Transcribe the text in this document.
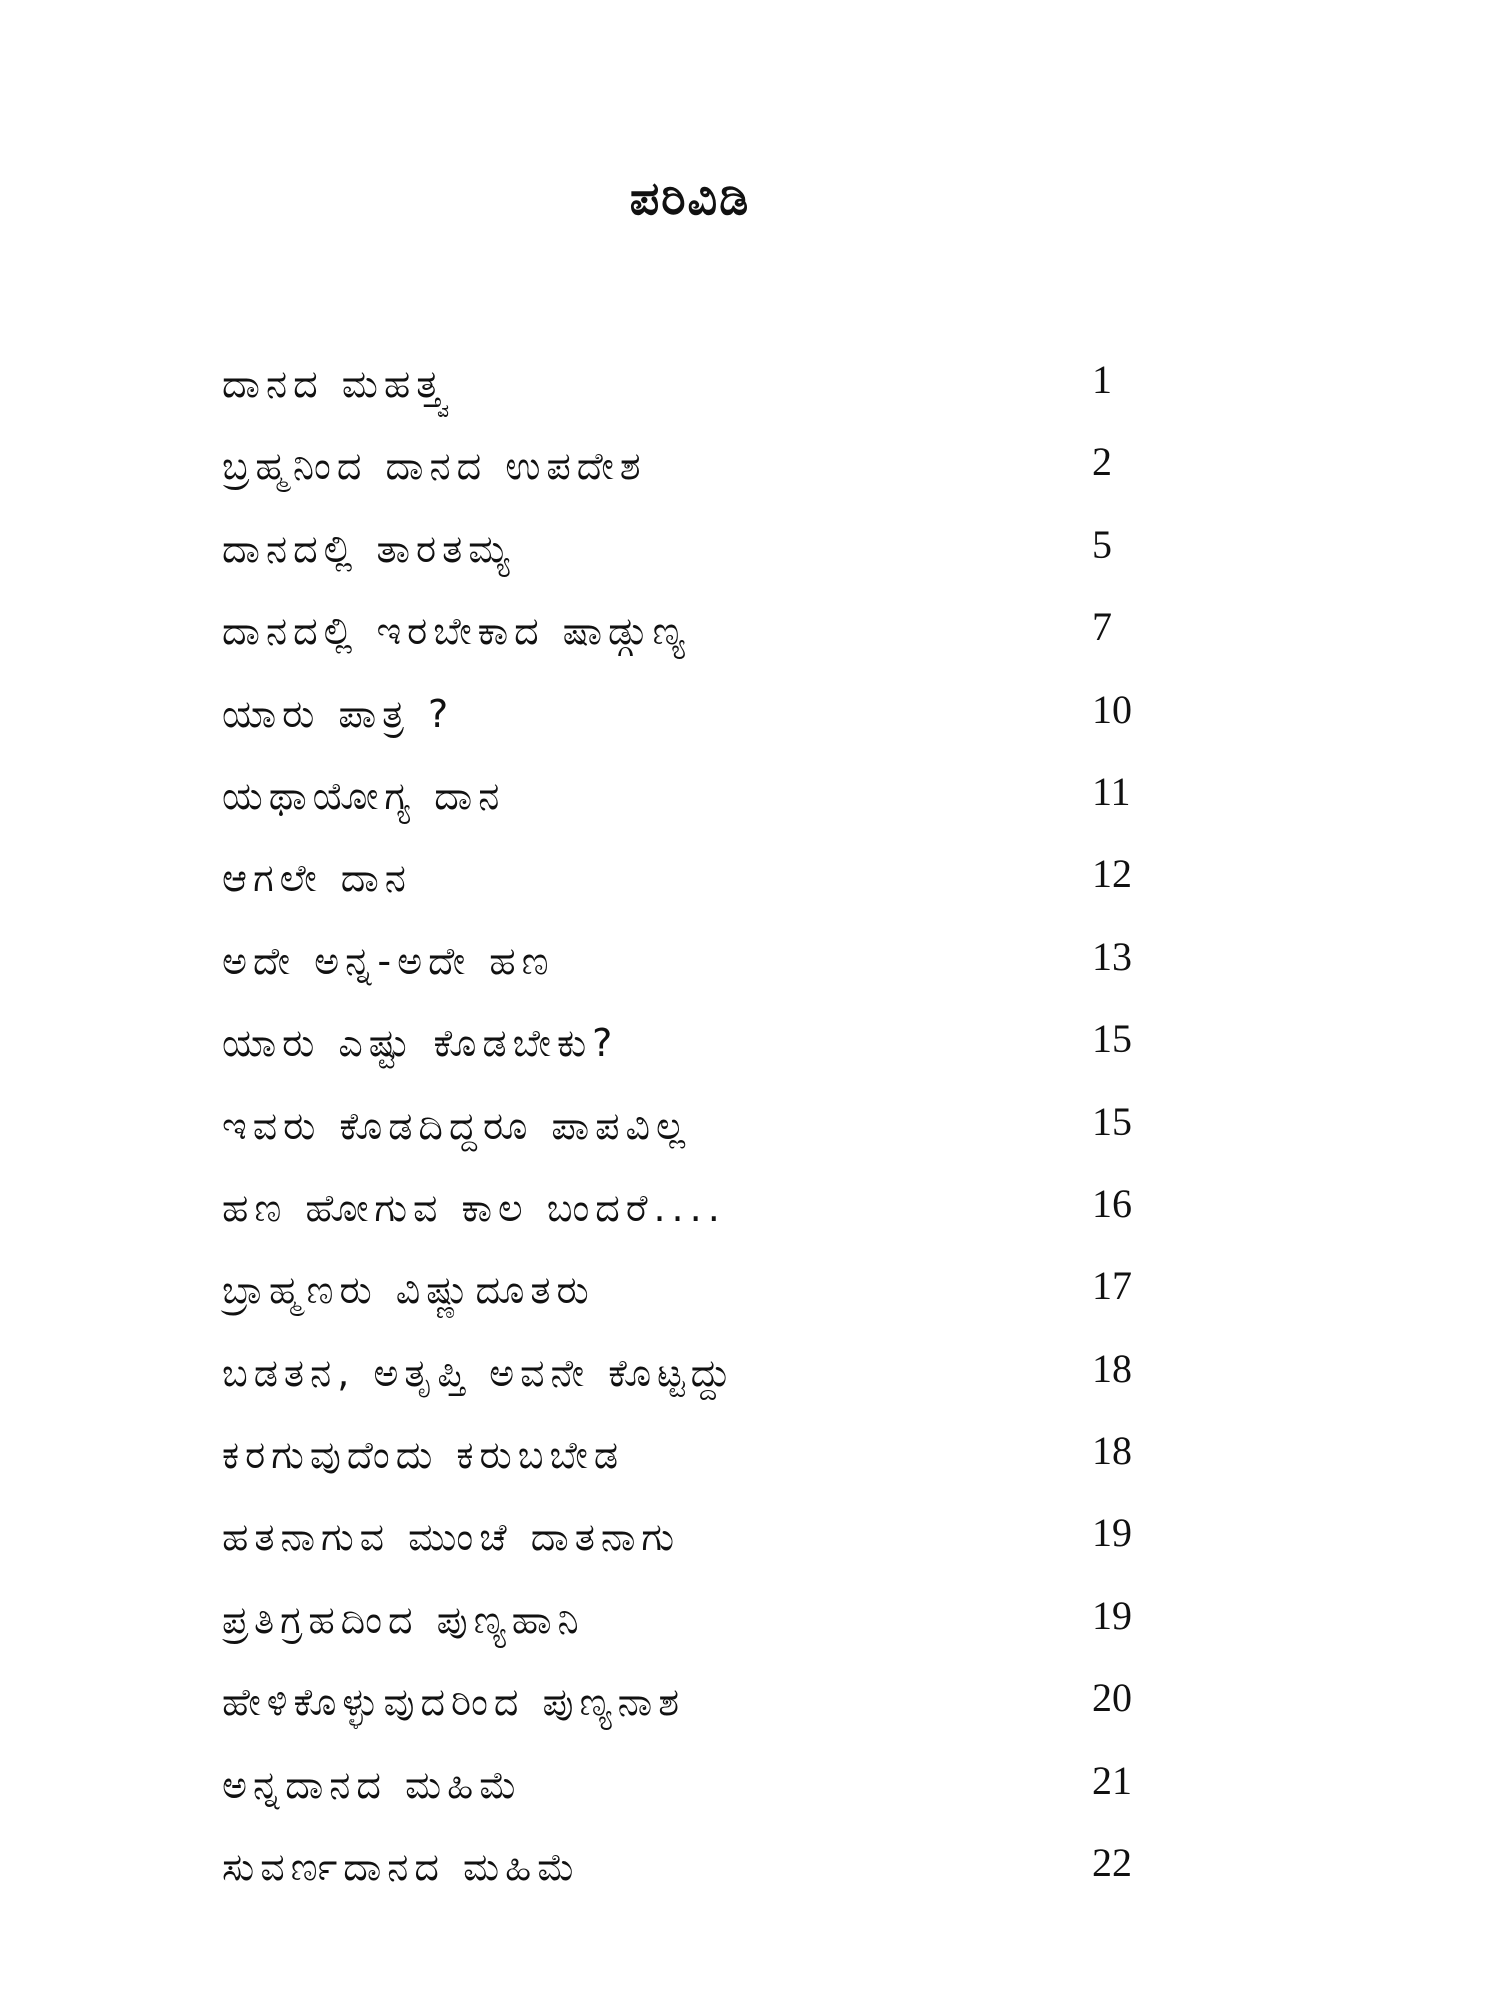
ಪರಿವಿಡಿ
ದಾನದ ಮಹತ್ತ್ವ	1
ಬ್ರಹ್ಮನಿಂದ ದಾನದ ಉಪದೇಶ	2
ದಾನದಲ್ಲಿ ತಾರತಮ್ಯ	5
ದಾನದಲ್ಲಿ ಇರಬೇಕಾದ ಷಾಡ್ಗುಣ್ಯ	7
ಯಾರು ಪಾತ್ರ ?	10
ಯಥಾಯೋಗ್ಯ ದಾನ	11
ಆಗಲೇ ದಾನ	12
ಅದೇ ಅನ್ನ-ಅದೇ ಹಣ	13
ಯಾರು ಎಷ್ಟು ಕೊಡಬೇಕು?	15
ಇವರು ಕೊಡದಿದ್ದರೂ ಪಾಪವಿಲ್ಲ	15
ಹಣ ಹೋಗುವ ಕಾಲ ಬಂದರೆ....	16
ಬ್ರಾಹ್ಮಣರು ವಿಷ್ಣುದೂತರು	17
ಬಡತನ, ಅತೃಪ್ತಿ ಅವನೇ ಕೊಟ್ಟದ್ದು	18
ಕರಗುವುದೆಂದು ಕರುಬಬೇಡ	18
ಹತನಾಗುವ ಮುಂಚೆ ದಾತನಾಗು	19
ಪ್ರತಿಗ್ರಹದಿಂದ ಪುಣ್ಯಹಾನಿ	19
ಹೇಳಿಕೊಳ್ಳುವುದರಿಂದ ಪುಣ್ಯನಾಶ	20
ಅನ್ನದಾನದ ಮಹಿಮೆ	21
ಸುವರ್ಣದಾನದ ಮಹಿಮೆ	22
